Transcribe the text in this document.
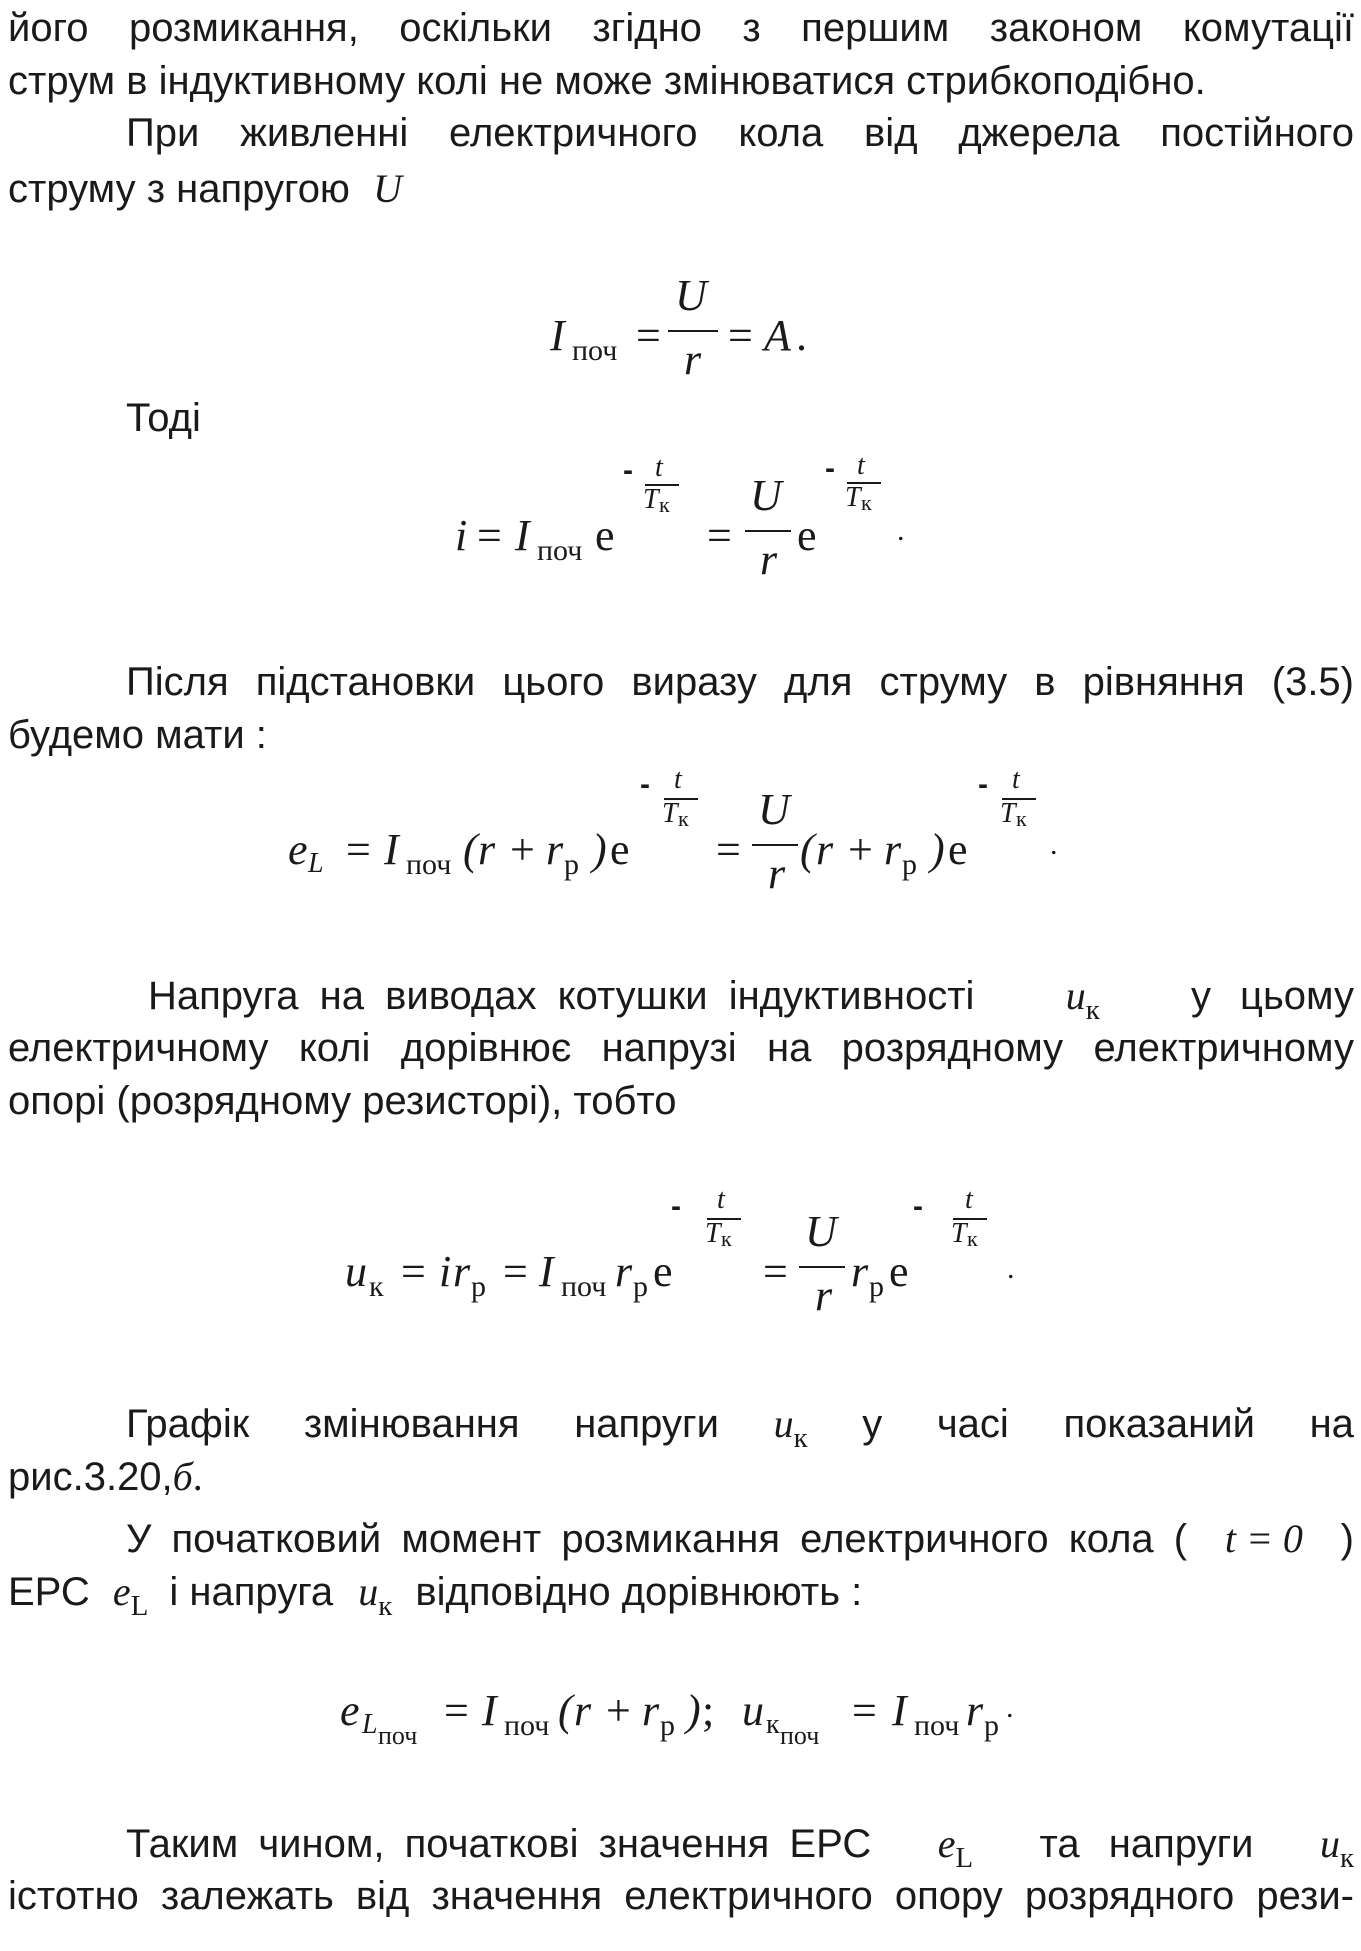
його розмикання, оскільки згідно з першим законом комутації
струм в індуктивному колі не може змінюватися стрибкоподібно.
При живленні електричного кола від джерела постійного
струму з напругою U
I поч =
U
r = A .
Тоді
i = I поч e
- t
T к
=
U
r e
- t
T к
.
Після підстановки цього виразу для струму в рівняння (3.5)
будемо мати :
e L = I поч ( r + r р ) e
- t
T к
=
U
r ( r + r р ) e
- t
T к
.
Напруга на виводах котушки індуктивності $u_к$ у цьому
електричному колі дорівнює напрузі на розрядному електричному
опорі (розрядному резисторі), тобто
u к = i r р = I поч r р e
- t
T к
=
U
r r р e
- t
T к
.
Графік змінювання напруги $u_к$ у часі показаний на
рис.3.20,б.
У початковий момент розмикання електричного кола ( t = 0 )
ЕРС $e_L$ і напруга $u_к$ відповідно дорівнюють :
e L поч
= I поч ( r + r р ) ; u к поч
= I поч r р
.
Таким чином, початкові значення ЕРС $e_L$ та напруги $u_к$
істотно залежать від значення електричного опору розрядного рези-
